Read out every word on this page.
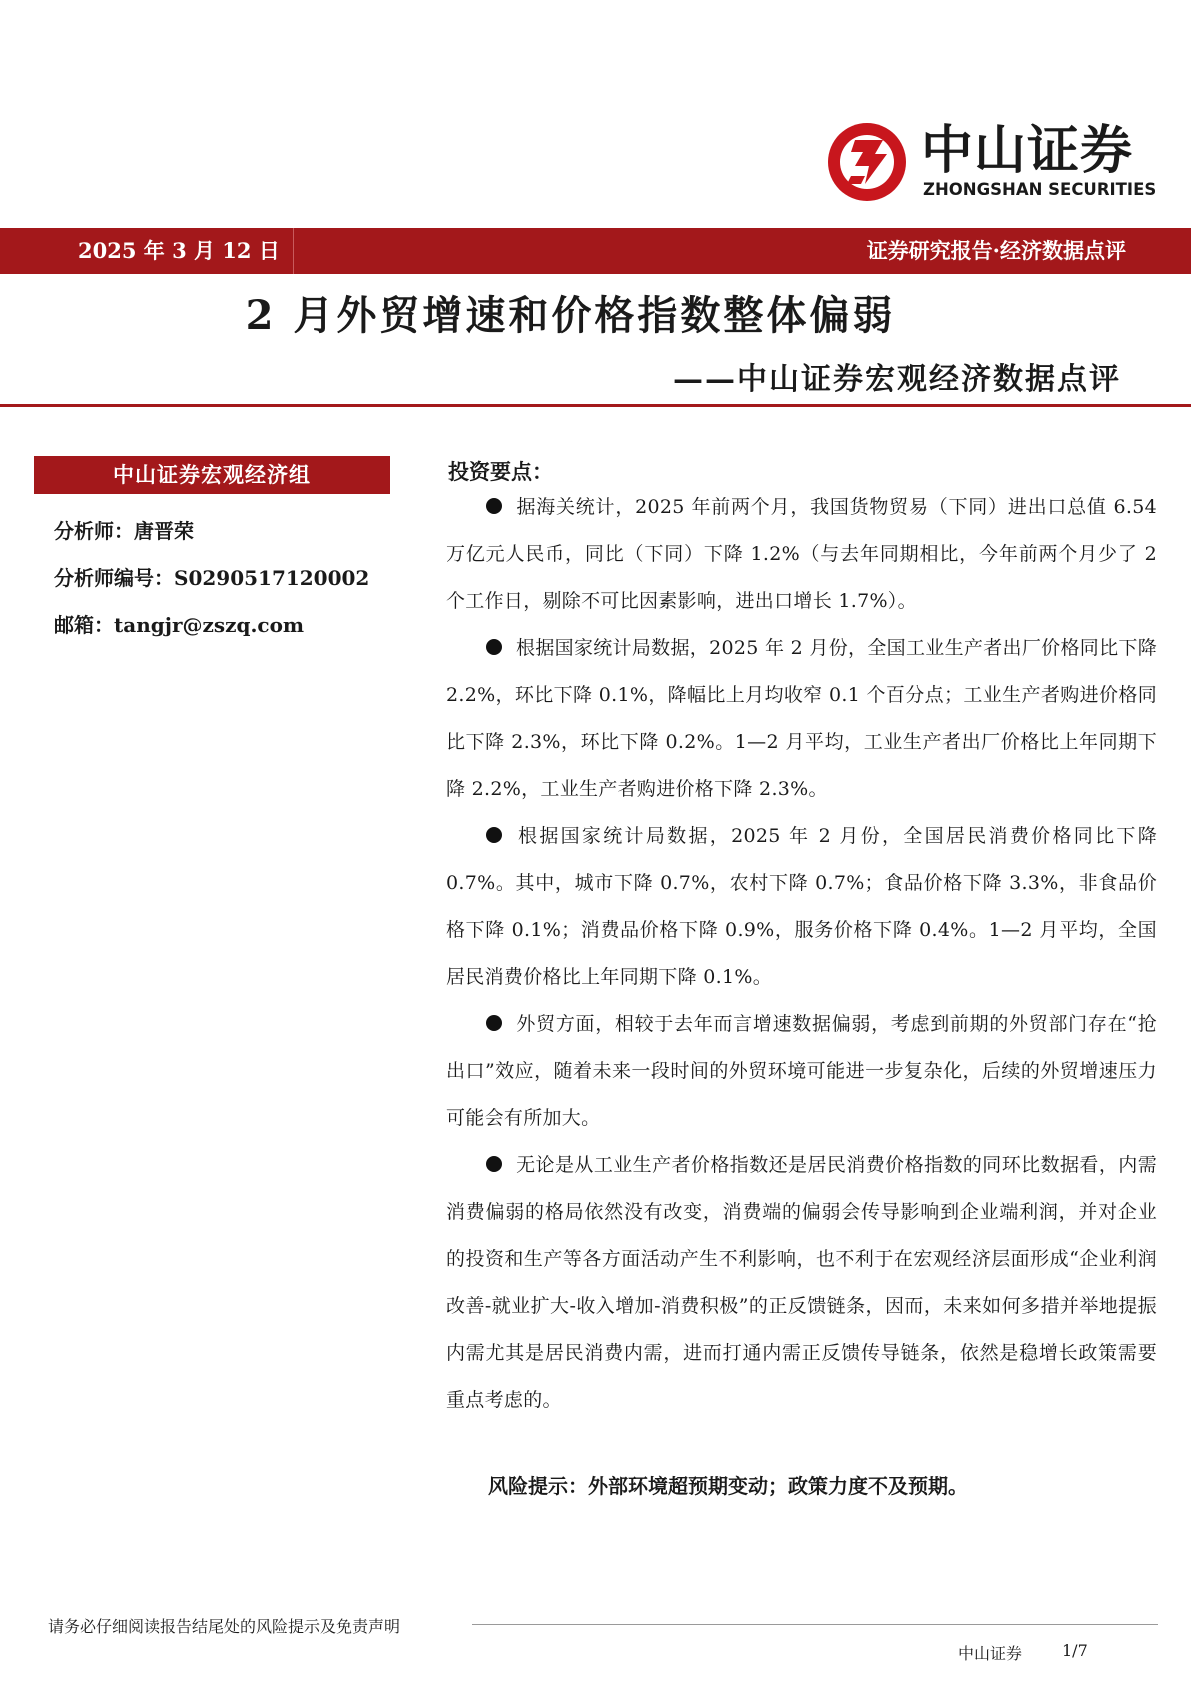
中山证券
ZHONGSHAN SECURITIES
2025 年 3 月 12 日	证券研究报告·经济数据点评
2 月外贸增速和价格指数整体偏弱
——中山证券宏观经济数据点评
中山证券宏观经济组
分析师：唐晋荣
分析师编号：S0290517120002
邮箱：tangjr@zszq.com
投资要点：

据海关统计，2025 年前两个月，我国货物贸易（下同）进出口总值 6.54 万亿元人民币，同比（下同）下降 1.2%（与去年同期相比，今年前两个月少了 2 个工作日，剔除不可比因素影响，进出口增长 1.7%）。

根据国家统计局数据，2025 年 2 月份，全国工业生产者出厂价格同比下降 2.2%，环比下降 0.1%，降幅比上月均收窄 0.1 个百分点；工业生产者购进价格同比下降 2.3%，环比下降 0.2%。1—2 月平均，工业生产者出厂价格比上年同期下降 2.2%，工业生产者购进价格下降 2.3%。

根据国家统计局数据，2025 年 2 月份，全国居民消费价格同比下降 0.7%。其中，城市下降 0.7%，农村下降 0.7%；食品价格下降 3.3%，非食品价格下降 0.1%；消费品价格下降 0.9%，服务价格下降 0.4%。1—2 月平均，全国居民消费价格比上年同期下降 0.1%。

外贸方面，相较于去年而言增速数据偏弱，考虑到前期的外贸部门存在“抢出口”效应，随着未来一段时间的外贸环境可能进一步复杂化，后续的外贸增速压力可能会有所加大。

无论是从工业生产者价格指数还是居民消费价格指数的同环比数据看，内需消费偏弱的格局依然没有改变，消费端的偏弱会传导影响到企业端利润，并对企业的投资和生产等各方面活动产生不利影响，也不利于在宏观经济层面形成“企业利润改善-就业扩大-收入增加-消费积极”的正反馈链条，因而，未来如何多措并举地提振内需尤其是居民消费内需，进而打通内需正反馈传导链条，依然是稳增长政策需要重点考虑的。

风险提示：外部环境超预期变动；政策力度不及预期。
请务必仔细阅读报告结尾处的风险提示及免责声明
中山证券 1/7
